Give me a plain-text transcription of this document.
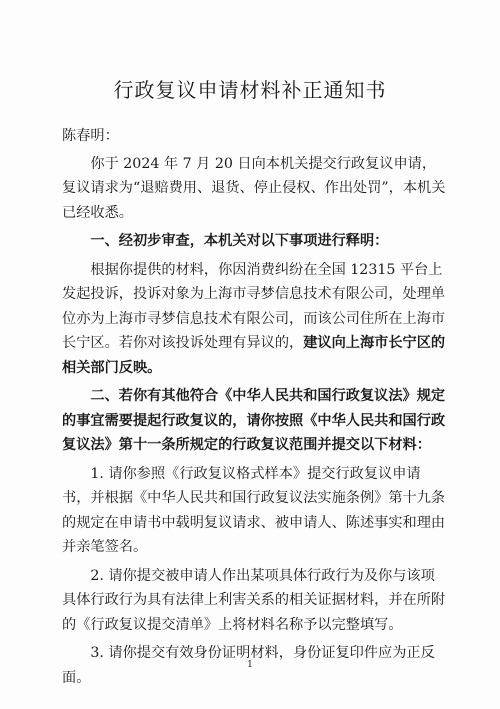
行政复议申请材料补正通知书

陈春明：

你于 2024 年 7 月 20 日向本机关提交行政复议申请，复议请求为“退赔费用、退货、停止侵权、作出处罚”，本机关已经收悉。

一、经初步审查，本机关对以下事项进行释明：

根据你提供的材料，你因消费纠纷在全国 12315 平台上发起投诉，投诉对象为上海市寻梦信息技术有限公司，处理单位亦为上海市寻梦信息技术有限公司，而该公司住所在上海市长宁区。若你对该投诉处理有异议的，建议向上海市长宁区的相关部门反映。

二、若你有其他符合《中华人民共和国行政复议法》规定的事宜需要提起行政复议的，请你按照《中华人民共和国行政复议法》第十一条所规定的行政复议范围并提交以下材料：

1. 请你参照《行政复议格式样本》提交行政复议申请书，并根据《中华人民共和国行政复议法实施条例》第十九条的规定在申请书中载明复议请求、被申请人、陈述事实和理由并亲笔签名。

2. 请你提交被申请人作出某项具体行政行为及你与该项具体行政行为具有法律上利害关系的相关证据材料，并在所附的《行政复议提交清单》上将材料名称予以完整填写。

3. 请你提交有效身份证明材料，身份证复印件应为正反面。

1
